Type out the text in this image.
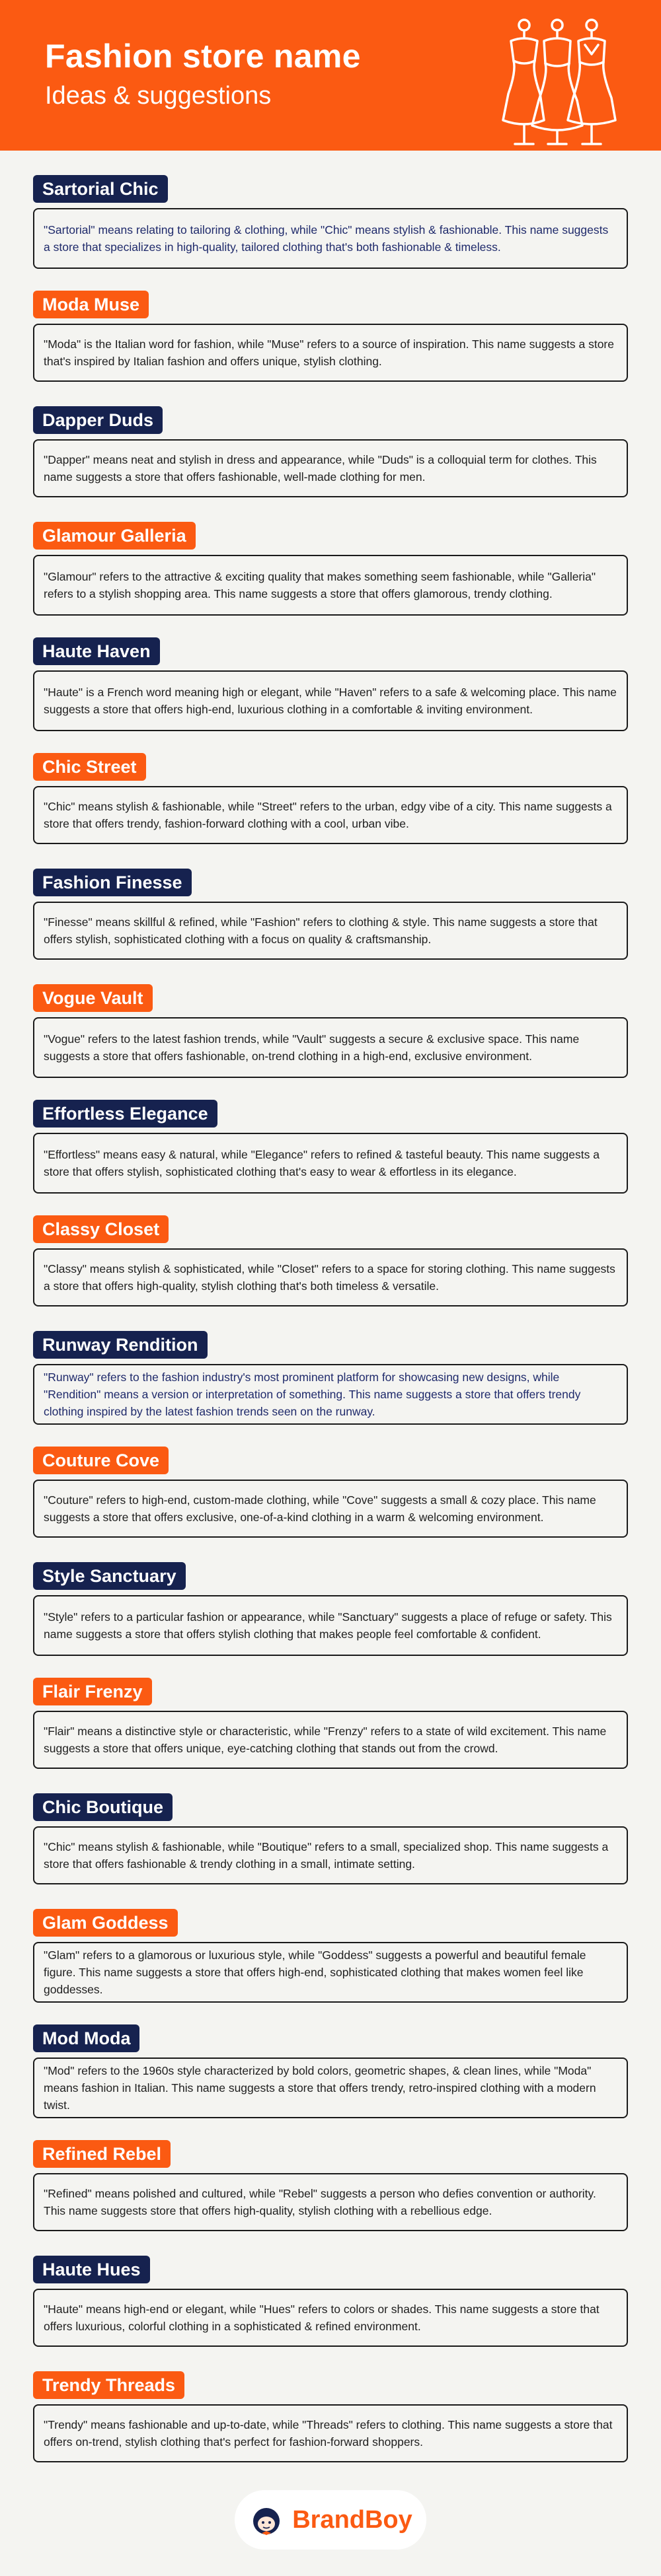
Fashion store name
Ideas & suggestions
Sartorial Chic
"Sartorial" means relating to tailoring & clothing, while "Chic" means stylish & fashionable. This name suggests a store that specializes in high-quality, tailored clothing that's both fashionable & timeless.
Moda Muse
"Moda" is the Italian word for fashion, while "Muse" refers to a source of inspiration. This name suggests a store that's inspired by Italian fashion and offers unique, stylish clothing.
Dapper Duds
"Dapper" means neat and stylish in dress and appearance, while "Duds" is a colloquial term for clothes. This name suggests a store that offers fashionable, well-made clothing for men.
Glamour Galleria
"Glamour" refers to the attractive & exciting quality that makes something seem fashionable, while "Galleria" refers to a stylish shopping area. This name suggests a store that offers glamorous, trendy clothing.
Haute Haven
"Haute" is a French word meaning high or elegant, while "Haven" refers to a safe & welcoming place. This name suggests a store that offers high-end, luxurious clothing in a comfortable & inviting environment.
Chic Street
"Chic" means stylish & fashionable, while "Street" refers to the urban, edgy vibe of a city. This name suggests a store that offers trendy, fashion-forward clothing with a cool, urban vibe.
Fashion Finesse
"Finesse" means skillful & refined, while "Fashion" refers to clothing & style. This name suggests a store that offers stylish, sophisticated clothing with a focus on quality & craftsmanship.
Vogue Vault
"Vogue" refers to the latest fashion trends, while "Vault" suggests a secure & exclusive space. This name suggests a store that offers fashionable, on-trend clothing in a high-end, exclusive environment.
Effortless Elegance
"Effortless" means easy & natural, while "Elegance" refers to refined & tasteful beauty. This name suggests a store that offers stylish, sophisticated clothing that's easy to wear & effortless in its elegance.
Classy Closet
"Classy" means stylish & sophisticated, while "Closet" refers to a space for storing clothing. This name suggests a store that offers high-quality, stylish clothing that's both timeless & versatile.
Runway Rendition
"Runway" refers to the fashion industry's most prominent platform for showcasing new designs, while "Rendition" means a version or interpretation of something. This name suggests a store that offers trendy clothing inspired by the latest fashion trends seen on the runway.
Couture Cove
"Couture" refers to high-end, custom-made clothing, while "Cove" suggests a small & cozy place. This name suggests a store that offers exclusive, one-of-a-kind clothing in a warm & welcoming environment.
Style Sanctuary
"Style" refers to a particular fashion or appearance, while "Sanctuary" suggests a place of refuge or safety. This name suggests a store that offers stylish clothing that makes people feel comfortable & confident.
Flair Frenzy
"Flair" means a distinctive style or characteristic, while "Frenzy" refers to a state of wild excitement. This name suggests a store that offers unique, eye-catching clothing that stands out from the crowd.
Chic Boutique
"Chic" means stylish & fashionable, while "Boutique" refers to a small, specialized shop. This name suggests a store that offers fashionable & trendy clothing in a small, intimate setting.
Glam Goddess
"Glam" refers to a glamorous or luxurious style, while "Goddess" suggests a powerful and beautiful female figure. This name suggests a store that offers high-end, sophisticated clothing that makes women feel like goddesses.
Mod Moda
"Mod" refers to the 1960s style characterized by bold colors, geometric shapes, & clean lines, while "Moda" means fashion in Italian. This name suggests a store that offers trendy, retro-inspired clothing with a modern twist.
Refined Rebel
"Refined" means polished and cultured, while "Rebel" suggests a person who defies convention or authority. This name suggests store that offers high-quality, stylish clothing with a rebellious edge.
Haute Hues
"Haute" means high-end or elegant, while "Hues" refers to colors or shades. This name suggests a store that offers luxurious, colorful clothing in a sophisticated & refined environment.
Trendy Threads
"Trendy" means fashionable and up-to-date, while "Threads" refers to clothing. This name suggests a store that offers on-trend, stylish clothing that's perfect for fashion-forward shoppers.
BrandBoy
